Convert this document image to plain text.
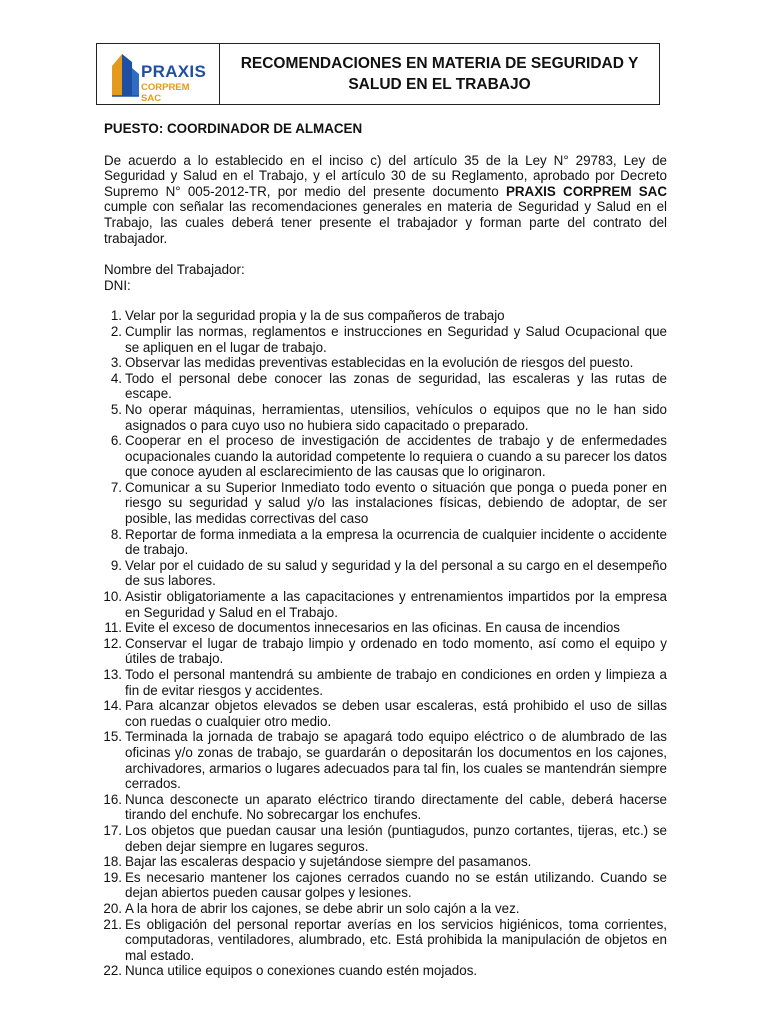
PRAXIS
CORPREM SAC
RECOMENDACIONES EN MATERIA DE SEGURIDAD Y SALUD EN EL TRABAJO

PUESTO: COORDINADOR DE ALMACEN

De acuerdo a lo establecido en el inciso c) del artículo 35 de la Ley N° 29783, Ley de Seguridad y Salud en el Trabajo, y el artículo 30 de su Reglamento, aprobado por Decreto Supremo N° 005-2012-TR, por medio del presente documento PRAXIS CORPREM SAC cumple con señalar las recomendaciones generales en materia de Seguridad y Salud en el Trabajo, las cuales deberá tener presente el trabajador y forman parte del contrato del trabajador.

Nombre del Trabajador:
DNI:
1. Velar por la seguridad propia y la de sus compañeros de trabajo
2. Cumplir las normas, reglamentos e instrucciones en Seguridad y Salud Ocupacional que se apliquen en el lugar de trabajo.
3. Observar las medidas preventivas establecidas en la evolución de riesgos del puesto.
4. Todo el personal debe conocer las zonas de seguridad, las escaleras y las rutas de escape.
5. No operar máquinas, herramientas, utensilios, vehículos o equipos que no le han sido asignados o para cuyo uso no hubiera sido capacitado o preparado.
6. Cooperar en el proceso de investigación de accidentes de trabajo y de enfermedades ocupacionales cuando la autoridad competente lo requiera o cuando a su parecer los datos que conoce ayuden al esclarecimiento de las causas que lo originaron.
7. Comunicar a su Superior Inmediato todo evento o situación que ponga o pueda poner en riesgo su seguridad y salud y/o las instalaciones físicas, debiendo de adoptar, de ser posible, las medidas correctivas del caso
8. Reportar de forma inmediata a la empresa la ocurrencia de cualquier incidente o accidente de trabajo.
9. Velar por el cuidado de su salud y seguridad y la del personal a su cargo en el desempeño de sus labores.
10. Asistir obligatoriamente a las capacitaciones y entrenamientos impartidos por la empresa en Seguridad y Salud en el Trabajo.
11. Evite el exceso de documentos innecesarios en las oficinas. En causa de incendios
12. Conservar el lugar de trabajo limpio y ordenado en todo momento, así como el equipo y útiles de trabajo.
13. Todo el personal mantendrá su ambiente de trabajo en condiciones en orden y limpieza a fin de evitar riesgos y accidentes.
14. Para alcanzar objetos elevados se deben usar escaleras, está prohibido el uso de sillas con ruedas o cualquier otro medio.
15. Terminada la jornada de trabajo se apagará todo equipo eléctrico o de alumbrado de las oficinas y/o zonas de trabajo, se guardarán o depositarán los documentos en los cajones, archivadores, armarios o lugares adecuados para tal fin, los cuales se mantendrán siempre cerrados.
16. Nunca desconecte un aparato eléctrico tirando directamente del cable, deberá hacerse tirando del enchufe. No sobrecargar los enchufes.
17. Los objetos que puedan causar una lesión (puntiagudos, punzo cortantes, tijeras, etc.) se deben dejar siempre en lugares seguros.
18. Bajar las escaleras despacio y sujetándose siempre del pasamanos.
19. Es necesario mantener los cajones cerrados cuando no se están utilizando. Cuando se dejan abiertos pueden causar golpes y lesiones.
20. A la hora de abrir los cajones, se debe abrir un solo cajón a la vez.
21. Es obligación del personal reportar averías en los servicios higiénicos, toma corrientes, computadoras, ventiladores, alumbrado, etc. Está prohibida la manipulación de objetos en mal estado.
22. Nunca utilice equipos o conexiones cuando estén mojados.
